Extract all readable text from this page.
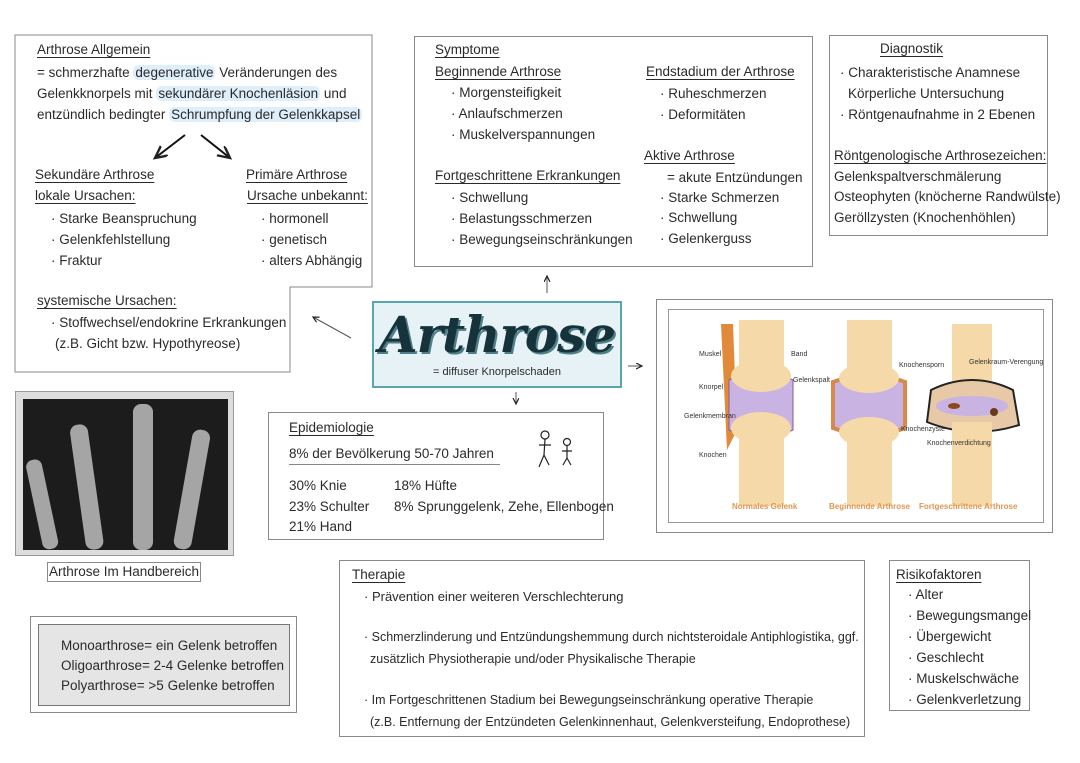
Arthrose Allgemein
= schmerzhafte degenerative Veränderungen des
Gelenkknorpels mit sekundärer Knochenläsion und
entzündlich bedingter Schrumpfung der Gelenkkapsel
Sekundäre Arthrose
lokale Ursachen:
· Starke Beanspruchung
· Gelenkfehlstellung
· Fraktur
Primäre Arthrose
Ursache unbekannt:
· hormonell
· genetisch
· alters Abhängig
systemische Ursachen:
· Stoffwechsel/endokrine Erkrankungen
(z.B. Gicht bzw. Hypothyreose)
Symptome
Beginnende Arthrose
· Morgensteifigkeit
· Anlaufschmerzen
· Muskelverspannungen
Fortgeschrittene Erkrankungen
· Schwellung
· Belastungsschmerzen
· Bewegungseinschränkungen
Endstadium der Arthrose
· Ruheschmerzen
· Deformitäten
Aktive Arthrose
= akute Entzündungen
· Starke Schmerzen
· Schwellung
· Gelenkerguss
Diagnostik
· Charakteristische Anamnese
Körperliche Untersuchung
· Röntgenaufnahme in 2 Ebenen
Röntgenologische Arthrosezeichen:
Gelenkspaltverschmälerung
Osteophyten (knöcherne Randwülste)
Geröllzysten (Knochenhöhlen)
Arthrose
= diffuser Knorpelschaden
Epidemiologie
8% der Bevölkerung 50-70 Jahren
30% Knie
23% Schulter
21% Hand
18% Hüfte
8% Sprunggelenk, Zehe, Ellenbogen
Muskel	Band
Knorpel
Gelenkspalt
Gelenkmembran
Knochen
Knochensporn	Gelenkraum-Verengung
Knochenzyste
Knochenverdichtung
Normales Gelenk	Beginnende Arthrose Fortgeschrittene Arthrose
Arthrose Im Handbereich
Monoarthrose= ein Gelenk betroffen
Oligoarthrose= 2-4 Gelenke betroffen
Polyarthrose= >5 Gelenke betroffen
Therapie
· Prävention einer weiteren Verschlechterung
· Schmerzlinderung und Entzündungshemmung durch nichtsteroidale Antiphlogistika, ggf.
zusätzlich Physiotherapie und/oder Physikalische Therapie
· Im Fortgeschrittenen Stadium bei Bewegungseinschränkung operative Therapie
(z.B. Entfernung der Entzündeten Gelenkinnenhaut, Gelenkversteifung, Endoprothese)
Risikofaktoren
· Alter
· Bewegungsmangel
· Übergewicht
· Geschlecht
· Muskelschwäche
· Gelenkverletzung
